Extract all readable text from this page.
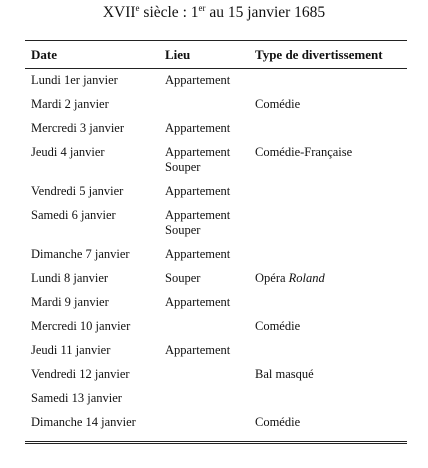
XVIIe siècle : 1er au 15 janvier 1685
Date	Lieu	Type de divertissement

Lundi 1er janvier	Appartement	

Mardi 2 janvier		Comédie

Mercredi 3 janvier	Appartement	

Jeudi 4 janvier	Appartement
Souper	Comédie-Française

Vendredi 5 janvier	Appartement	

Samedi 6 janvier	Appartement
Souper	

Dimanche 7 janvier	Appartement	

Lundi 8 janvier	Souper	Opéra Roland

Mardi 9 janvier	Appartement	

Mercredi 10 janvier		Comédie

Jeudi 11 janvier	Appartement	

Vendredi 12 janvier		Bal masqué

Samedi 13 janvier		

Dimanche 14 janvier		Comédie
